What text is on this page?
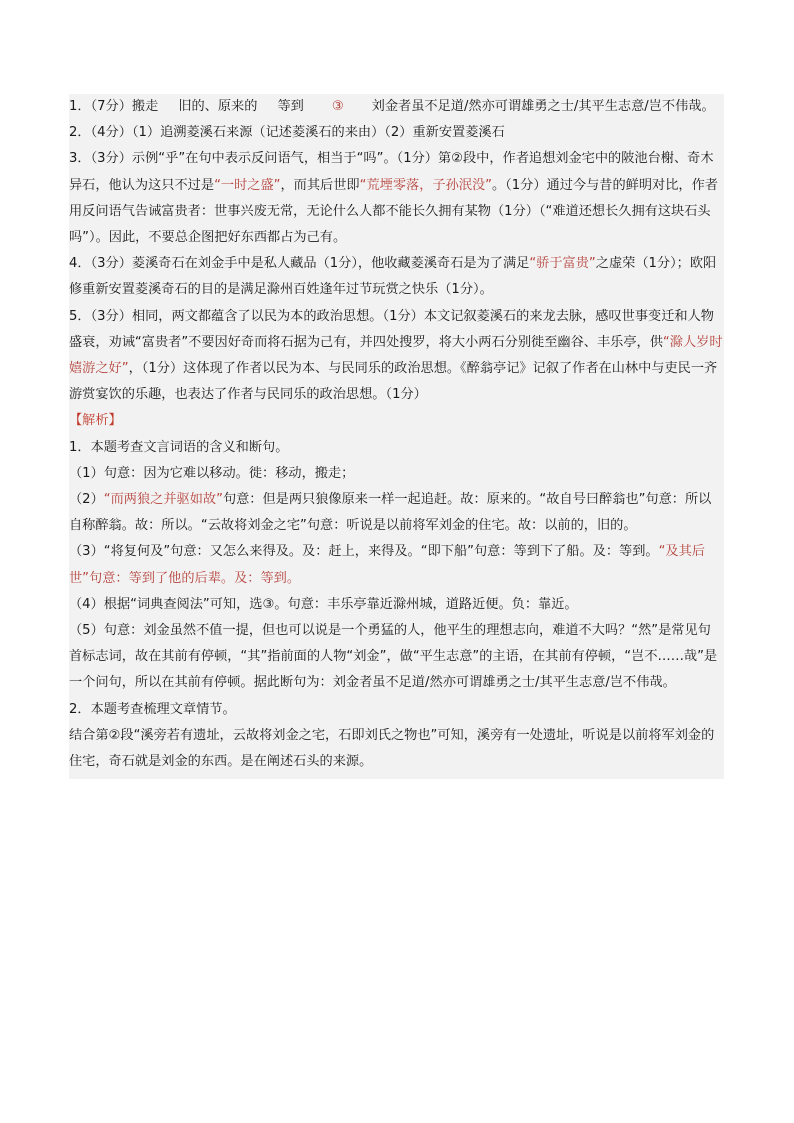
1．（7分）搬走 旧的、原来的 等到 ③ 刘金者虽不足道/然亦可谓雄勇之士/其平生志意/岂不伟哉。

2．（4分）（1）追溯菱溪石来源（记述菱溪石的来由）（2）重新安置菱溪石

3．（3分）示例“乎”在句中表示反问语气，相当于“吗”。（1分）第②段中，作者追想刘金宅中的陂池台榭、奇木异石，他认为这只不过是“一时之盛”，而其后世即“荒堙零落，子孙泯没”。（1分）通过今与昔的鲜明对比，作者用反问语气告诫富贵者：世事兴废无常，无论什么人都不能长久拥有某物（1分）（“难道还想长久拥有这块石头吗”）。因此，不要总企图把好东西都占为己有。

4．（3分）菱溪奇石在刘金手中是私人藏品（1分），他收藏菱溪奇石是为了满足“骄于富贵”之虚荣（1分）；欧阳修重新安置菱溪奇石的目的是满足滁州百姓逢年过节玩赏之快乐（1分）。

5．（3分）相同，两文都蕴含了以民为本的政治思想。（1分）本文记叙菱溪石的来龙去脉，感叹世事变迁和人物盛衰，劝诫“富贵者”不要因好奇而将石据为己有，并四处搜罗，将大小两石分别徙至幽谷、丰乐亭，供“滁人岁时嬉游之好”，（1分）这体现了作者以民为本、与民同乐的政治思想。《醉翁亭记》记叙了作者在山林中与吏民一齐游赏宴饮的乐趣，也表达了作者与民同乐的政治思想。（1分）

【解析】

1．本题考查文言词语的含义和断句。

（1）句意：因为它难以移动。徙：移动，搬走；

（2）“而两狼之并驱如故”句意：但是两只狼像原来一样一起追赶。故：原来的。“故自号曰醉翁也”句意：所以自称醉翁。故：所以。“云故将刘金之宅”句意：听说是以前将军刘金的住宅。故：以前的，旧的。

（3）“将复何及”句意：又怎么来得及。及：赶上，来得及。“即下船”句意：等到下了船。及：等到。“及其后世”句意：等到了他的后辈。及：等到。

（4）根据“词典查阅法”可知，选③。句意：丰乐亭靠近滁州城，道路近便。负：靠近。

（5）句意：刘金虽然不值一提，但也可以说是一个勇猛的人，他平生的理想志向，难道不大吗？“然”是常见句首标志词，故在其前有停顿，“其”指前面的人物“刘金”，做“平生志意”的主语，在其前有停顿，“岂不……哉”是一个问句，所以在其前有停顿。据此断句为：刘金者虽不足道/然亦可谓雄勇之士/其平生志意/岂不伟哉。

2．本题考查梳理文章情节。

结合第②段“溪旁若有遗址，云故将刘金之宅，石即刘氏之物也”可知，溪旁有一处遗址，听说是以前将军刘金的住宅，奇石就是刘金的东西。是在阐述石头的来源。
